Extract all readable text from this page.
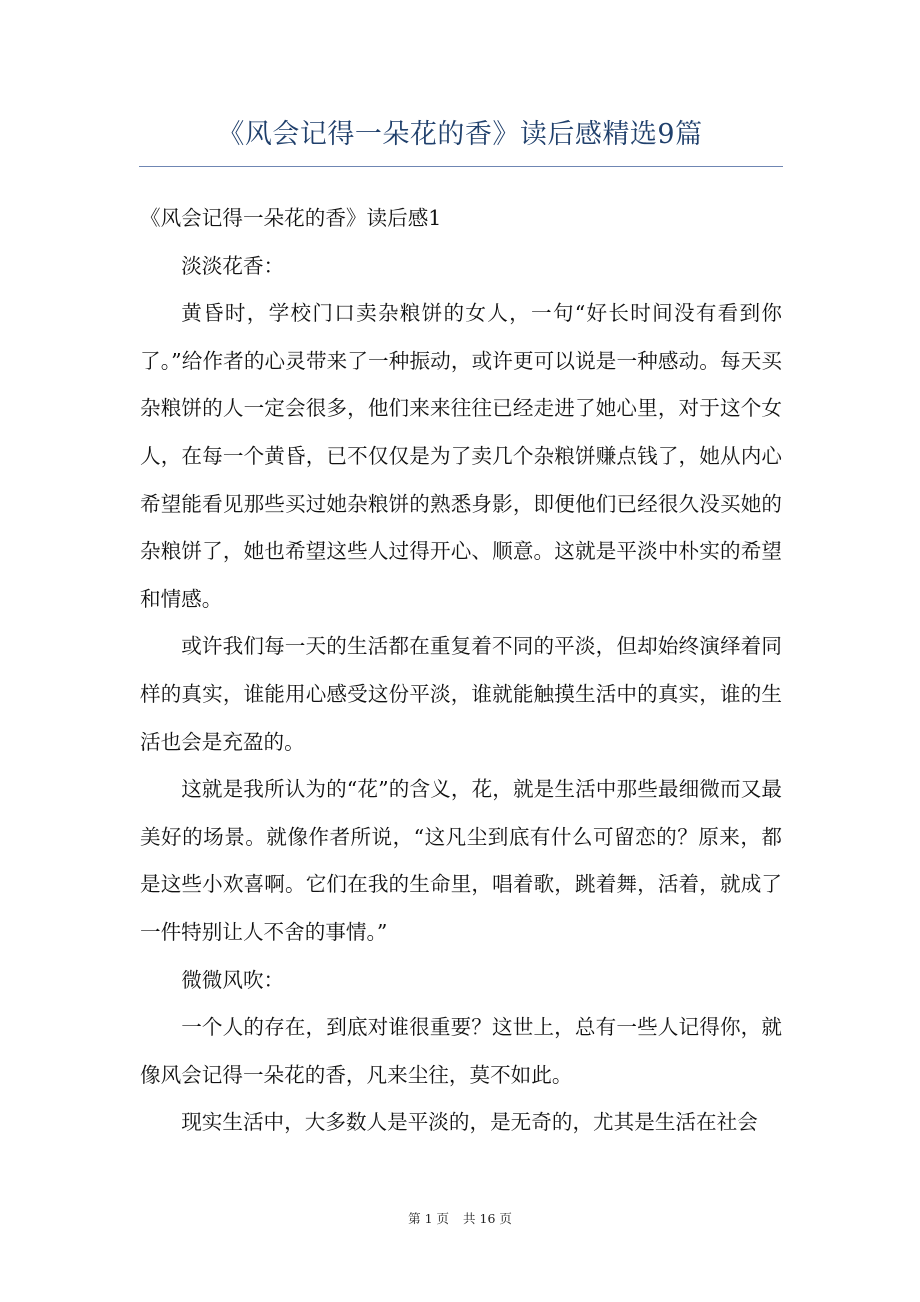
《风会记得一朵花的香》读后感精选9篇

《风会记得一朵花的香》读后感1

淡淡花香：

黄昏时，学校门口卖杂粮饼的女人，一句“好长时间没有看到你了。”给作者的心灵带来了一种振动，或许更可以说是一种感动。每天买杂粮饼的人一定会很多，他们来来往往已经走进了她心里，对于这个女人，在每一个黄昏，已不仅仅是为了卖几个杂粮饼赚点钱了，她从内心希望能看见那些买过她杂粮饼的熟悉身影，即便他们已经很久没买她的杂粮饼了，她也希望这些人过得开心、顺意。这就是平淡中朴实的希望和情感。

或许我们每一天的生活都在重复着不同的平淡，但却始终演绎着同样的真实，谁能用心感受这份平淡，谁就能触摸生活中的真实，谁的生活也会是充盈的。

这就是我所认为的“花”的含义，花，就是生活中那些最细微而又最美好的场景。就像作者所说，“这凡尘到底有什么可留恋的？原来，都是这些小欢喜啊。它们在我的生命里，唱着歌，跳着舞，活着，就成了一件特别让人不舍的事情。”

微微风吹：

一个人的存在，到底对谁很重要？这世上，总有一些人记得你，就像风会记得一朵花的香，凡来尘往，莫不如此。

现实生活中，大多数人是平淡的，是无奇的，尤其是生活在社会

第 1 页 共 16 页
